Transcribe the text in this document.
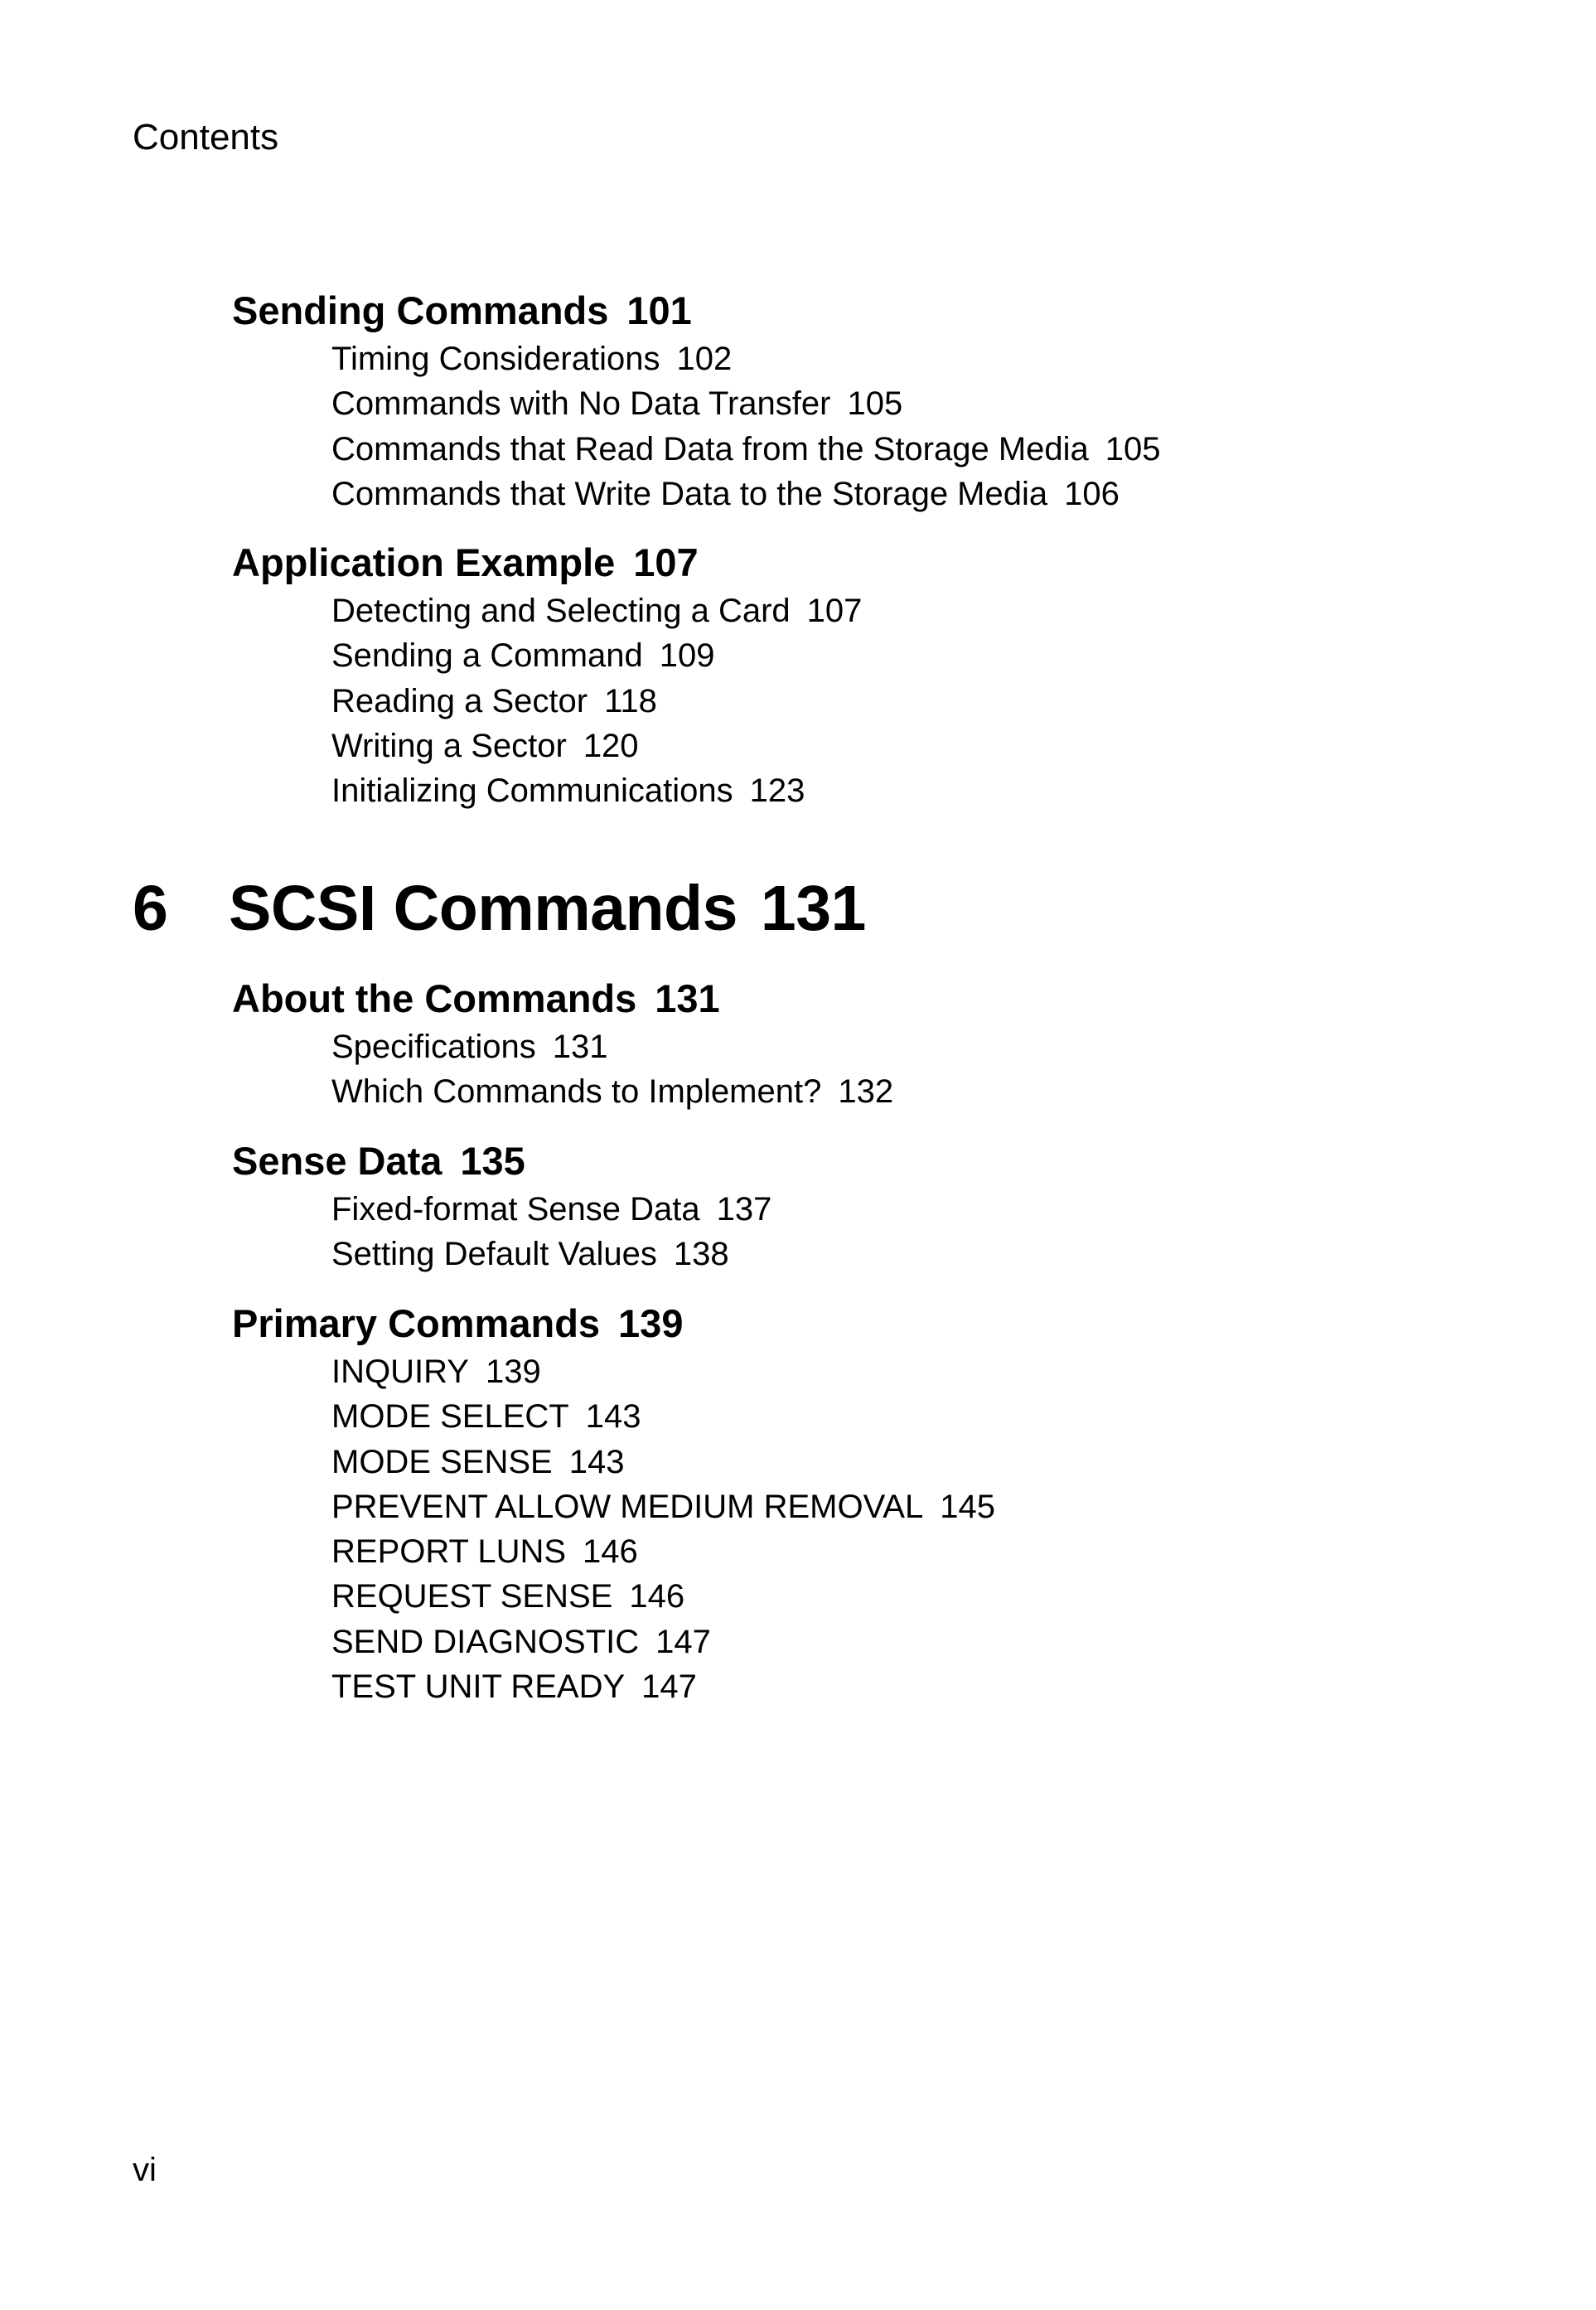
Contents
Sending Commands 101
Timing Considerations 102
Commands with No Data Transfer 105
Commands that Read Data from the Storage Media 105
Commands that Write Data to the Storage Media 106
Application Example 107
Detecting and Selecting a Card 107
Sending a Command 109
Reading a Sector 118
Writing a Sector 120
Initializing Communications 123
6 SCSI Commands 131
About the Commands 131
Specifications 131
Which Commands to Implement? 132
Sense Data 135
Fixed-format Sense Data 137
Setting Default Values 138
Primary Commands 139
INQUIRY 139
MODE SELECT 143
MODE SENSE 143
PREVENT ALLOW MEDIUM REMOVAL 145
REPORT LUNS 146
REQUEST SENSE 146
SEND DIAGNOSTIC 147
TEST UNIT READY 147
vi
